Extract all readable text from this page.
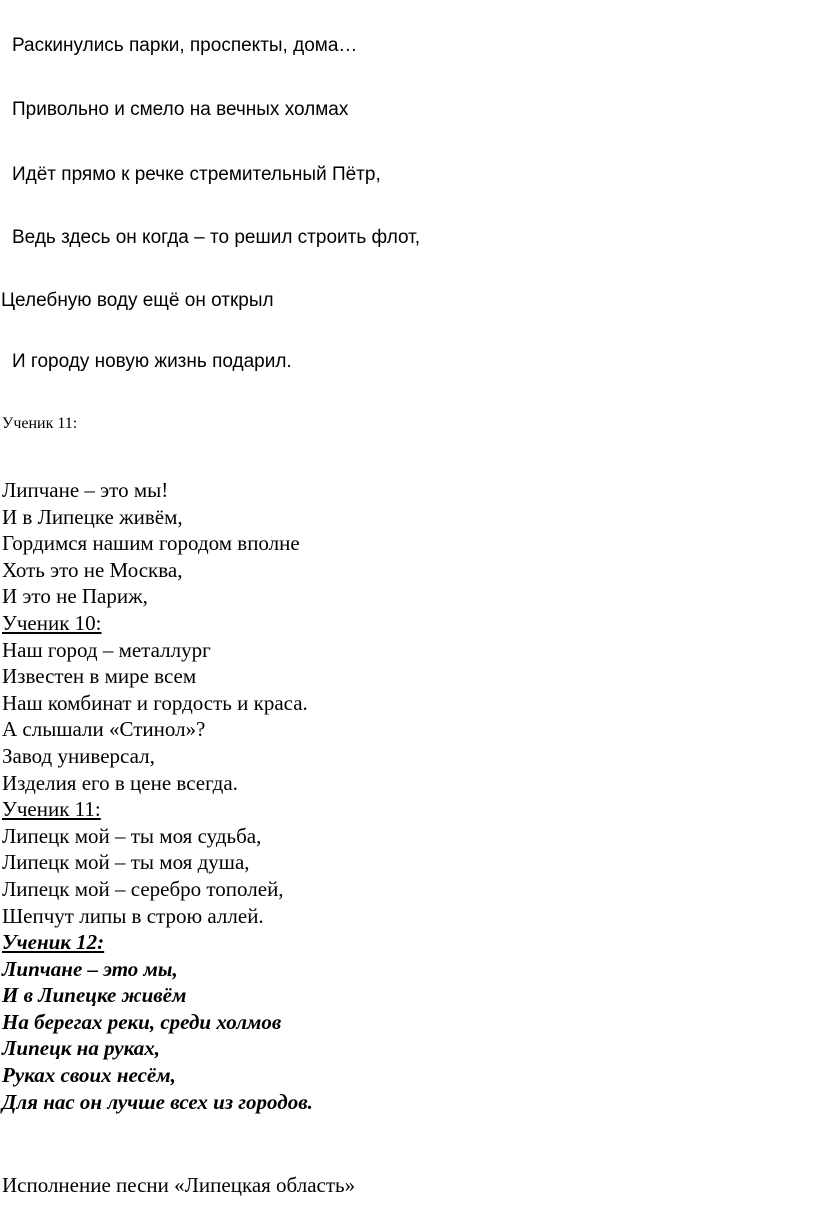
Раскинулись парки, проспекты, дома…
Привольно и смело на вечных холмах
Идёт прямо к речке стремительный Пётр,
Ведь здесь он когда – то решил строить флот,
Целебную воду ещё он открыл
И городу новую жизнь подарил.
Ученик 11:
Липчане – это мы!
И в Липецке живём,
Гордимся нашим городом вполне
Хоть это не Москва,
И это не Париж,
Ученик 10:
Наш город – металлург
Известен в мире всем
Наш комбинат и гордость и краса.
А слышали «Стинол»?
Завод универсал,
Изделия его в цене всегда.
Ученик 11:
Липецк мой – ты моя судьба,
Липецк мой – ты моя душа,
Липецк мой – серебро тополей,
Шепчут липы в строю аллей.
Ученик 12:
Липчане – это мы,
И в Липецке живём
На берегах реки, среди холмов
Липецк на руках,
Руках своих несём,
Для нас он лучше всех из городов.
Исполнение песни «Липецкая область»
